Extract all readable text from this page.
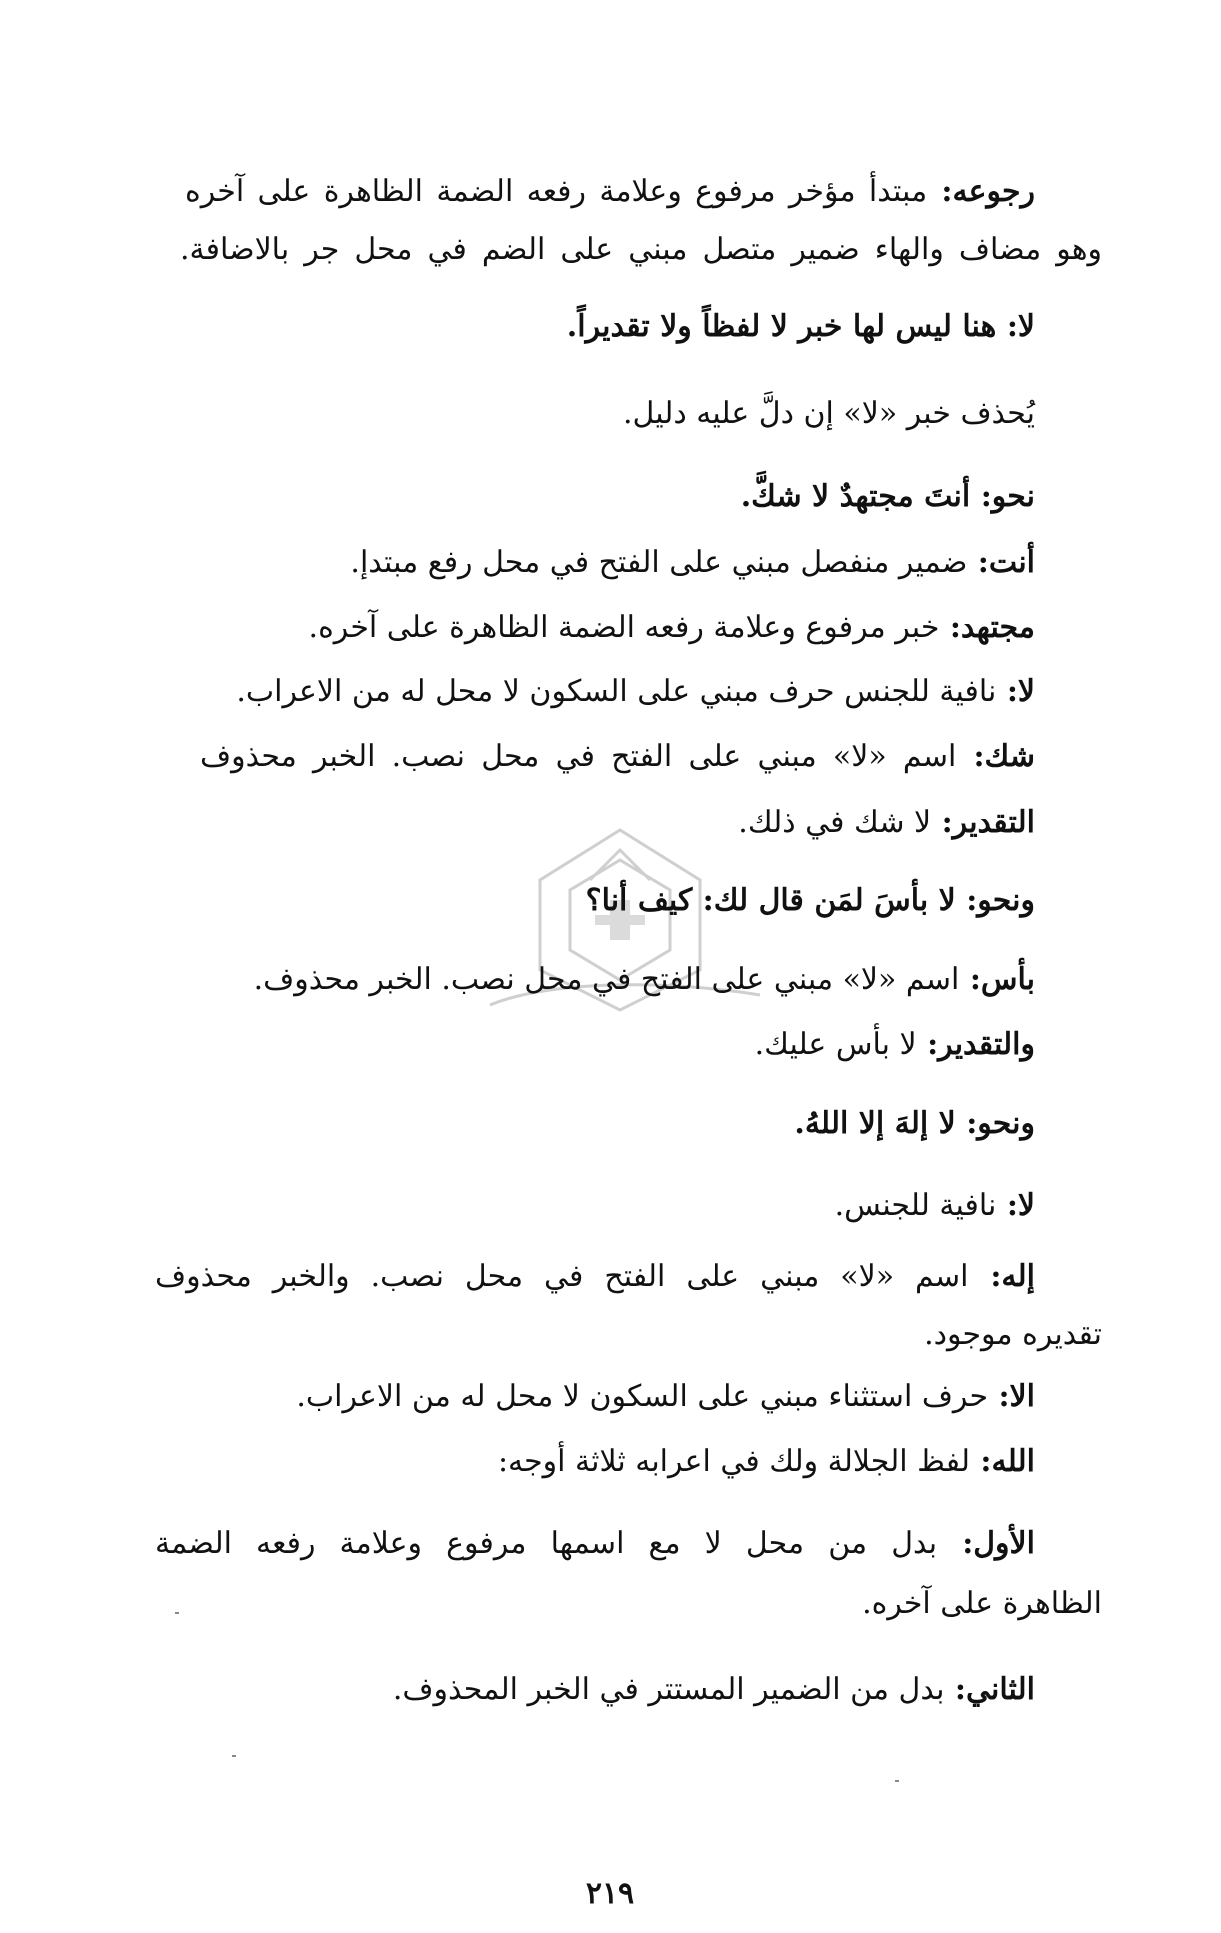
رجوعه: مبتدأ مؤخر مرفوع وعلامة رفعه الضمة الظاهرة على آخره
وهو مضاف والهاء ضمير متصل مبني على الضم في محل جر بالاضافة.
لا: هنا ليس لها خبر لا لفظاً ولا تقديراً.
يُحذف خبر «لا» إن دلَّ عليه دليل.
نحو: أنتَ مجتهدٌ لا شكَّ.
أنت: ضمير منفصل مبني على الفتح في محل رفع مبتدإ.
مجتهد: خبر مرفوع وعلامة رفعه الضمة الظاهرة على آخره.
لا: نافية للجنس حرف مبني على السكون لا محل له من الاعراب.
شك: اسم «لا» مبني على الفتح في محل نصب. الخبر محذوف
التقدير: لا شك في ذلك.
ونحو: لا بأسَ لمَن قال لك: كيف أنا؟
بأس: اسم «لا» مبني على الفتح في محل نصب. الخبر محذوف.
والتقدير: لا بأس عليك.
ونحو: لا إلهَ إلا اللهُ.
لا: نافية للجنس.
إله: اسم «لا» مبني على الفتح في محل نصب. والخبر محذوف
تقديره موجود.
الا: حرف استثناء مبني على السكون لا محل له من الاعراب.
الله: لفظ الجلالة ولك في اعرابه ثلاثة أوجه:
الأول: بدل من محل لا مع اسمها مرفوع وعلامة رفعه الضمة
الظاهرة على آخره.
الثاني: بدل من الضمير المستتر في الخبر المحذوف.
٢١٩
